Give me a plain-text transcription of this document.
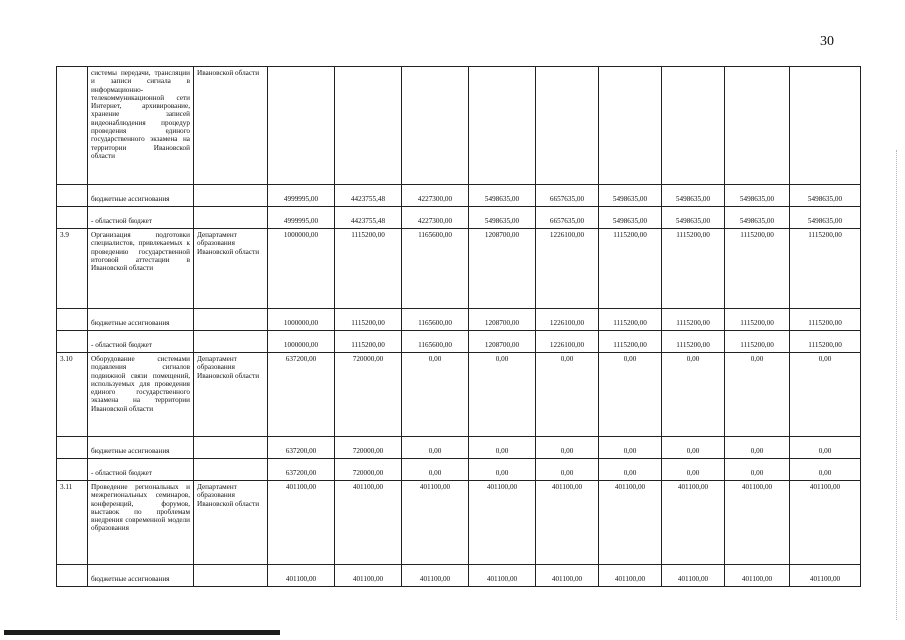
30
	системы передачи, трансляции и записи сигнала в информационно-телекоммуникационной сети Интернет, архивирование, хранение записей видеонаблюдения процедур проведения единого государственного экзамена на территории Ивановской области	Ивановской области									
	бюджетные ассигнования		4999995,00	4423755,48	4227300,00	5498635,00	6657635,00	5498635,00	5498635,00	5498635,00	5498635,00
	- областной бюджет		4999995,00	4423755,48	4227300,00	5498635,00	6657635,00	5498635,00	5498635,00	5498635,00	5498635,00
3.9	Организация подготовки специалистов, привлекаемых к проведению государственной итоговой аттестации в Ивановской области	Департамент образования Ивановской области	1000000,00	1115200,00	1165600,00	1208700,00	1226100,00	1115200,00	1115200,00	1115200,00	1115200,00
	бюджетные ассигнования		1000000,00	1115200,00	1165600,00	1208700,00	1226100,00	1115200,00	1115200,00	1115200,00	1115200,00
	- областной бюджет		1000000,00	1115200,00	1165600,00	1208700,00	1226100,00	1115200,00	1115200,00	1115200,00	1115200,00
3.10	Оборудование системами подавления сигналов подвижной связи помещений, используемых для проведения единого государственного экзамена на территории Ивановской области	Департамент образования Ивановской области	637200,00	720000,00	0,00	0,00	0,00	0,00	0,00	0,00	0,00
	бюджетные ассигнования		637200,00	720000,00	0,00	0,00	0,00	0,00	0,00	0,00	0,00
	- областной бюджет		637200,00	720000,00	0,00	0,00	0,00	0,00	0,00	0,00	0,00
3.11	Проведение региональных и межрегиональных семинаров, конференций, форумов, выставок по проблемам внедрения современной модели образования	Департамент образования Ивановской области	401100,00	401100,00	401100,00	401100,00	401100,00	401100,00	401100,00	401100,00	401100,00
	бюджетные ассигнования		401100,00	401100,00	401100,00	401100,00	401100,00	401100,00	401100,00	401100,00	401100,00
